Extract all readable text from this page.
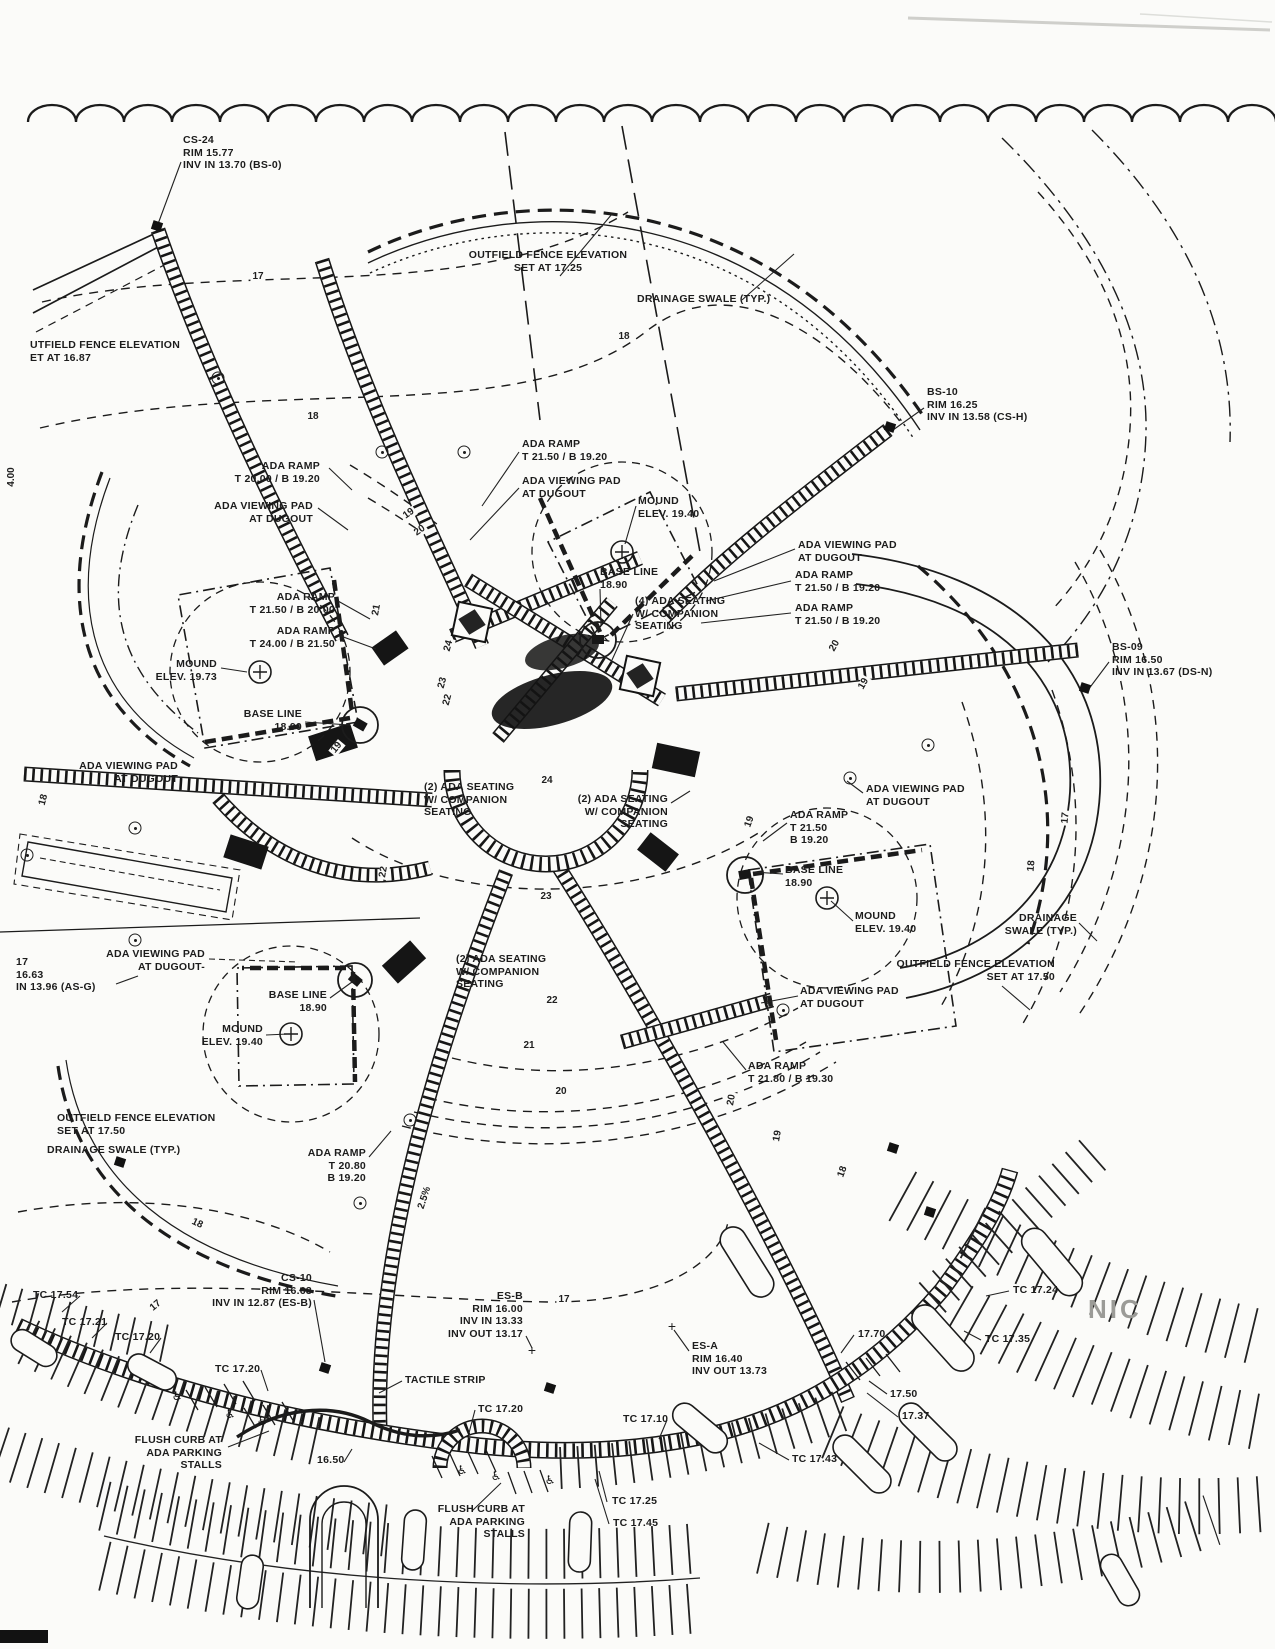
CS-24
RIM 15.77
INV IN 13.70 (BS-0)
OUTFIELD FENCE ELEVATION
SET AT 17.25
DRAINAGE SWALE (TYP.)
UTFIELD FENCE ELEVATION
ET AT 16.87
BS-10
RIM 16.25
INV IN 13.58 (CS-H)
ADA RAMP
T 21.50 / B 19.20
ADA VIEWING PAD
AT DUGOUT
MOUND
ELEV. 19.40
ADA RAMP
T 20.00 / B 19.20
ADA VIEWING PAD
AT DUGOUT
BASE LINE
18.90
(4) ADA SEATING
W/ COMPANION
SEATING
ADA VIEWING PAD
AT DUGOUT
ADA RAMP
T 21.50 / B 19.20
ADA RAMP
T 21.50 / B 19.20
ADA RAMP
T 21.50 / B 20.00
ADA RAMP
T 24.00 / B 21.50	BS-09
RIM 16.50
INV IN 13.67 (DS-N)
MOUND
ELEV. 19.73
BASE LINE
18.90
ADA VIEWING PAD
AT DUGOUT
(2) ADA SEATING
W/ COMPANION
SEATING
(2) ADA SEATING
W/ COMPANION
SEATING
ADA VIEWING PAD
AT DUGOUT
ADA RAMP
T 21.50
B 19.20
BASE LINE
18.90
MOUND
ELEV. 19.40
DRAINAGE
SWALE (TYP.)
OUTFIELD FENCE ELEVATION
SET AT 17.50
ADA VIEWING PAD
AT DUGOUT-
17
16.63
IN 13.96 (AS-G)
BASE LINE
18.90
(2) ADA SEATING
W/ COMPANION
SEATING
ADA VIEWING PAD
AT DUGOUT
MOUND
ELEV. 19.40
ADA RAMP
T 21.80 / B 19.30
OUTFIELD FENCE ELEVATION
SET AT 17.50
DRAINAGE SWALE (TYP.)	ADA RAMP
T 20.80
B 19.20
CS-10
RIM 16.63
INV IN 12.87 (ES-B)
TC 17.54	ES-B
RIM 16.00
INV IN 13.33
INV OUT 13.17
TC 17.24
TC 17.21
TC 17.35
TC 17.20
ES-A
RIM 16.40
INV OUT 13.73
17.70
TC 17.20
TACTILE STRIP
17.50
17.37
TC 17.20
TC 17.10
FLUSH CURB AT
ADA PARKING
STALLS
TC 17.43
16.50
TC 17.25
FLUSH CURB AT
ADA PARKING
STALLS
TC 17.45
NIC
17
18
18
19
20
19
18
22
24
23
22
19
20
19
21
20
20
19
18
18
17
18
17	17
2.5%
4.00
21
24
23
22
+
+
♿
♿ ♿
♿ ♿	♿
